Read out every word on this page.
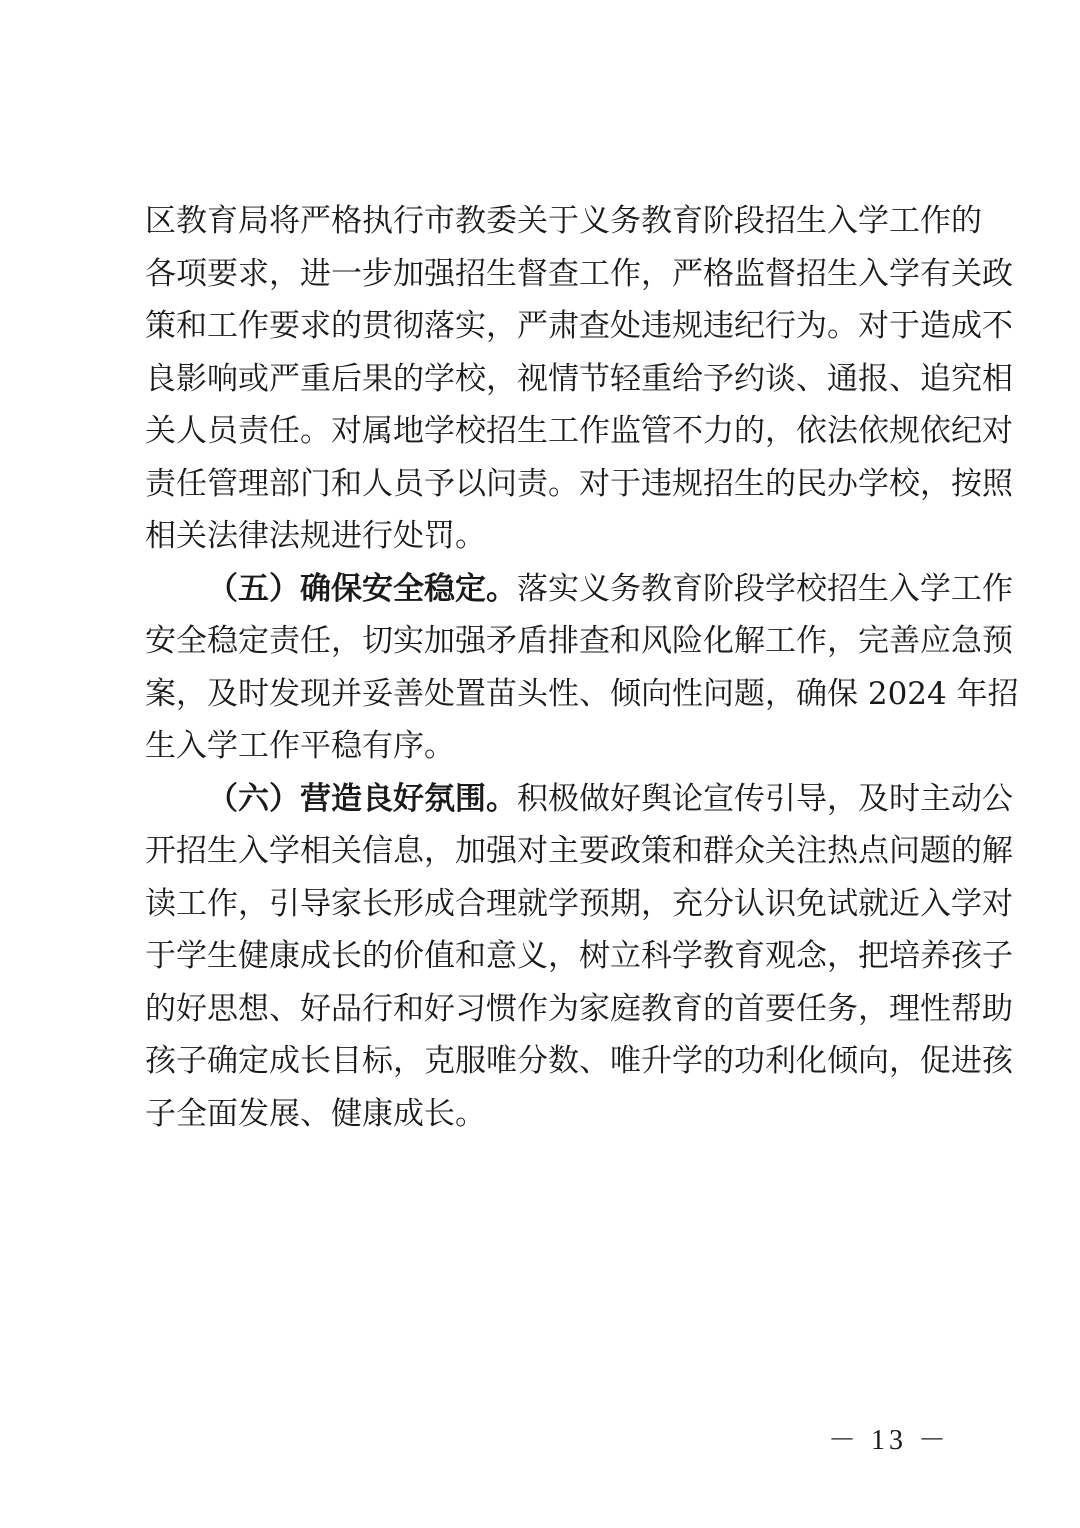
区教育局将严格执行市教委关于义务教育阶段招生入学工作的
各项要求，进一步加强招生督查工作，严格监督招生入学有关政
策和工作要求的贯彻落实，严肃查处违规违纪行为。对于造成不
良影响或严重后果的学校，视情节轻重给予约谈、通报、追究相
关人员责任。对属地学校招生工作监管不力的，依法依规依纪对
责任管理部门和人员予以问责。对于违规招生的民办学校，按照
相关法律法规进行处罚。
（五）确保安全稳定。落实义务教育阶段学校招生入学工作
安全稳定责任，切实加强矛盾排查和风险化解工作，完善应急预
案，及时发现并妥善处置苗头性、倾向性问题，确保 2024 年招
生入学工作平稳有序。
（六）营造良好氛围。积极做好舆论宣传引导，及时主动公
开招生入学相关信息，加强对主要政策和群众关注热点问题的解
读工作，引导家长形成合理就学预期，充分认识免试就近入学对
于学生健康成长的价值和意义，树立科学教育观念，把培养孩子
的好思想、好品行和好习惯作为家庭教育的首要任务，理性帮助
孩子确定成长目标，克服唯分数、唯升学的功利化倾向，促进孩
子全面发展、健康成长。
－ 13 －
